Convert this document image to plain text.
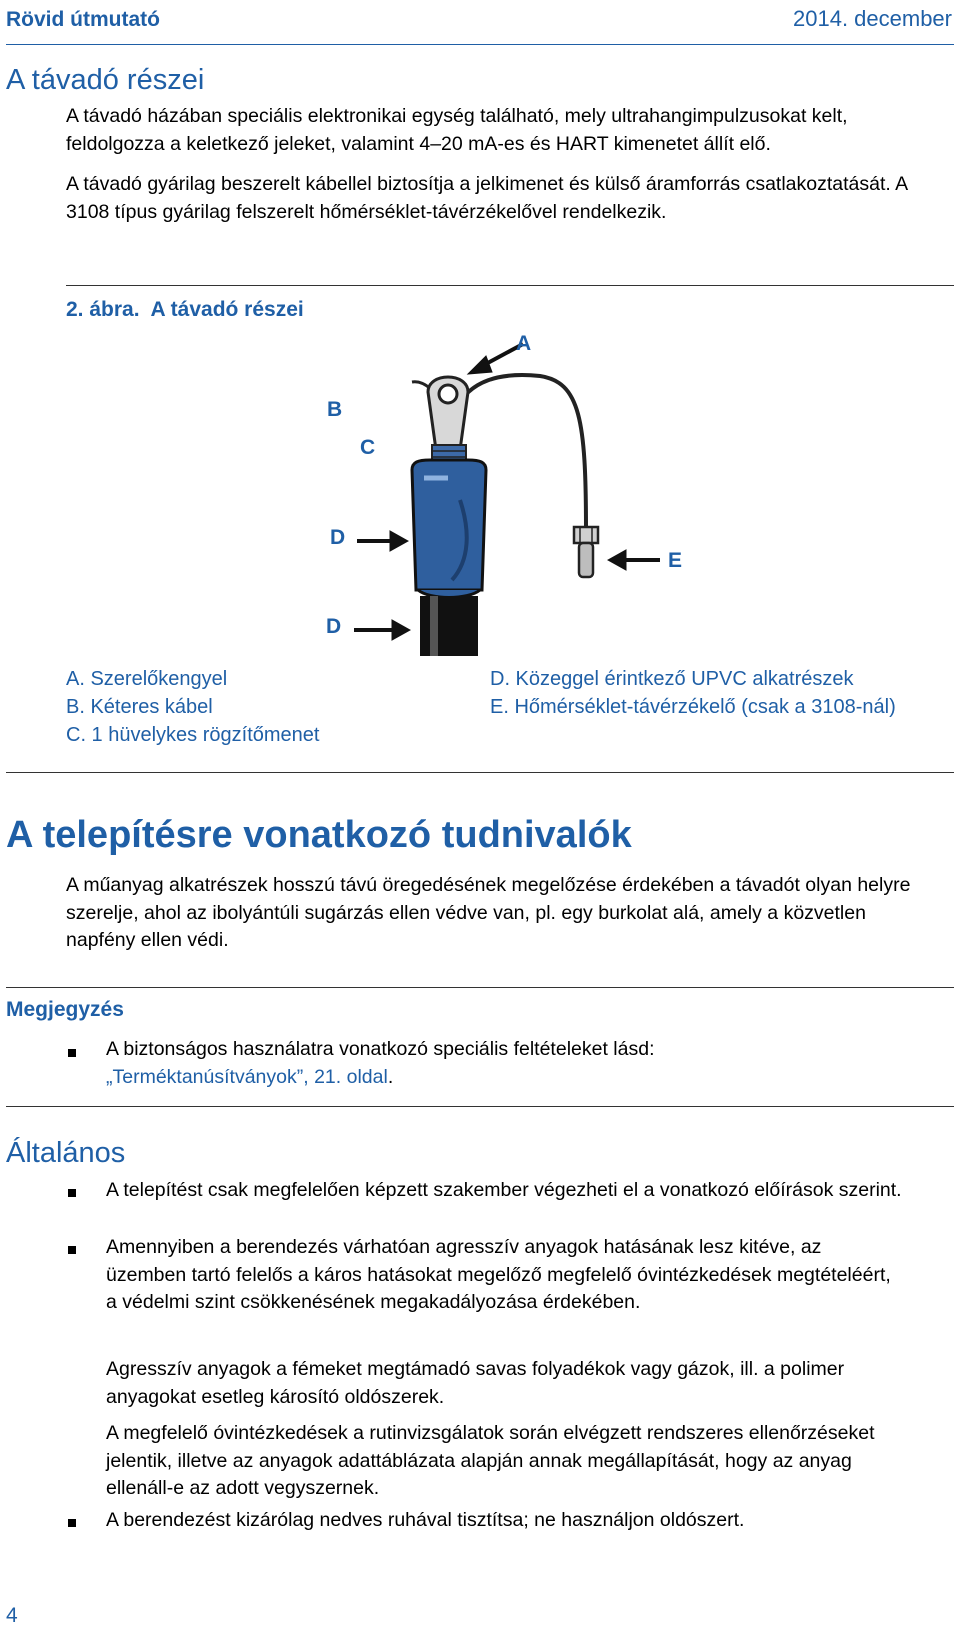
Rövid útmutató	2014. december
A távadó részei
A távadó házában speciális elektronikai egység található, mely ultrahangimpulzusokat kelt, feldolgozza a keletkező jeleket, valamint 4–20 mA-es és HART kimenetet állít elő.
A távadó gyárilag beszerelt kábellel biztosítja a jelkimenet és külső áramforrás csatlakoztatását. A 3108 típus gyárilag felszerelt hőmérséklet-távérzékelővel rendelkezik.
2. ábra. A távadó részei
A
B
C
D
D
E
A. Szerelőkengyel
B. Kéteres kábel
C. 1 hüvelykes rögzítőmenet
D. Közeggel érintkező UPVC alkatrészek
E. Hőmérséklet-távérzékelő (csak a 3108-nál)
A telepítésre vonatkozó tudnivalók
A műanyag alkatrészek hosszú távú öregedésének megelőzése érdekében a távadót olyan helyre szerelje, ahol az ibolyántúli sugárzás ellen védve van, pl. egy burkolat alá, amely a közvetlen napfény ellen védi.
Megjegyzés
A biztonságos használatra vonatkozó speciális feltételeket lásd:
„Terméktanúsítványok”, 21. oldal.
Általános
A telepítést csak megfelelően képzett szakember végezheti el a vonatkozó előírások szerint.
Amennyiben a berendezés várhatóan agresszív anyagok hatásának lesz kitéve, az üzemben tartó felelős a káros hatásokat megelőző megfelelő óvintézkedések megtételéért, a védelmi szint csökkenésének megakadályozása érdekében.
Agresszív anyagok a fémeket megtámadó savas folyadékok vagy gázok, ill. a polimer anyagokat esetleg károsító oldószerek.
A megfelelő óvintézkedések a rutinvizsgálatok során elvégzett rendszeres ellenőrzéseket jelentik, illetve az anyagok adattáblázata alapján annak megállapítását, hogy az anyag ellenáll-e az adott vegyszernek.
A berendezést kizárólag nedves ruhával tisztítsa; ne használjon oldószert.
4
